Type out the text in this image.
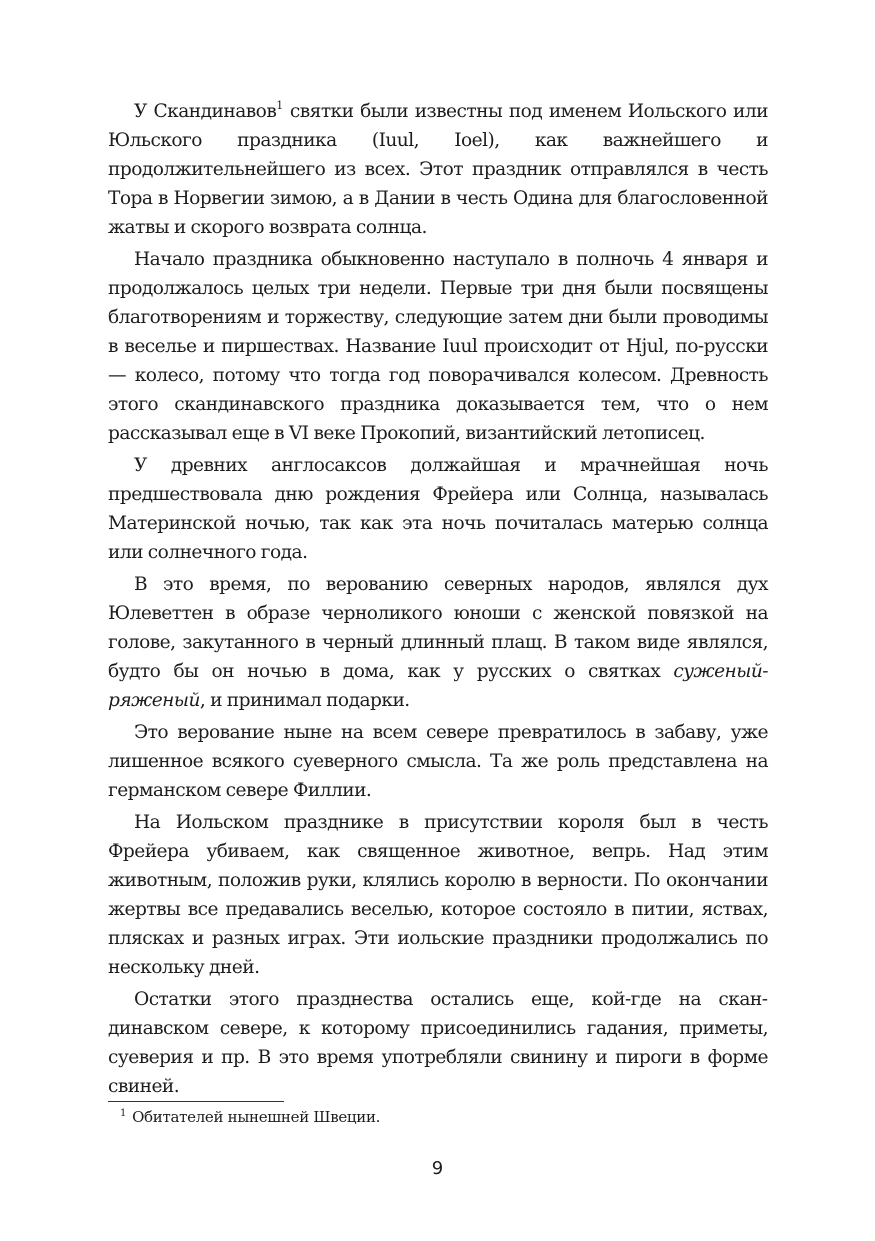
У Скандинавов$^1$ святки были известны под именем Иольского или Юльского праздника (Iuul, Ioel), как важнейшего и продолжительнейшего из всех. Этот праздник отправлялся в честь Тора в Норвегии зимою, а в Дании в честь Одина для благословенной жатвы и скорого возврата солнца.

Начало праздника обыкновенно наступало в полночь 4 января и продолжалось целых три недели. Первые три дня были посвящены благотворениям и торжеству, следующие затем дни были проводимы в веселье и пиршествах. Название Iuul происходит от Hjul, по-русски — колесо, потому что тогда год поворачивался колесом. Древность этого скандинавского праздника доказывается тем, что о нем рассказывал еще в VI веке Прокопий, византийский летописец.

У древних англосаксов должайшая и мрачнейшая ночь предшествовала дню рождения Фрейера или Солнца, называлась Материнской ночью, так как эта ночь почиталась матерью солнца или солнечного года.

В это время, по верованию северных народов, являлся дух Юлеветтен в образе чернoликого юноши с женской повязкой на голове, закутанного в черный длинный плащ. В таком виде являлся, будто бы он ночью в дома, как у русских о святках суженый-ряженый, и принимал подарки.

Это верование ныне на всем севере превратилось в забаву, уже лишенное всякого суеверного смысла. Та же роль представлена на германском севере Филлии.

На Иольском празднике в присутствии короля был в честь Фрейера убиваем, как священное животное, вепрь. Над этим животным, положив руки, клялись королю в верности. По окончании жертвы все предавались веселью, которое состояло в питии, яствах, плясках и разных играх. Эти иольские праздники продолжались по нескольку дней.

Остатки этого празднества остались еще, кой-где на скандинавском севере, к которому присоединились гадания, приметы, суеверия и пр. В это время употребляли свинину и пироги в форме свиней.

$^1$ Обитателей нынешней Швеции.
9
